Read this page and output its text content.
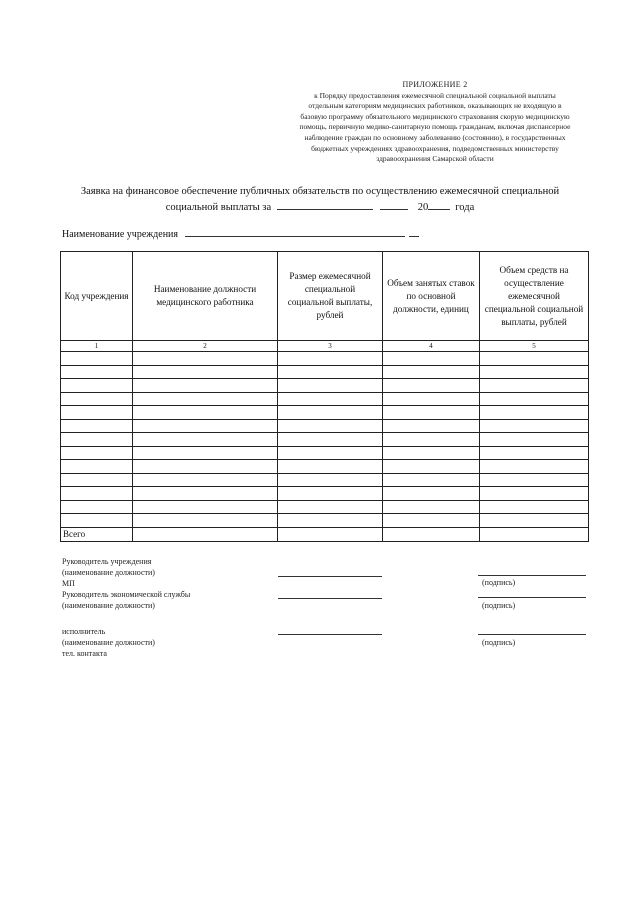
ПРИЛОЖЕНИЕ 2
к Порядку предоставления ежемесячной специальной социальной выплаты
отдельным категориям медицинских работников, оказывающих не входящую в
базовую программу обязательного медицинского страхования скорую медицинскую
помощь, первичную медико-санитарную помощь гражданам, включая диспансерное
наблюдение граждан по основному заболеванию (состоянию), в государственных
бюджетных учреждениях здравоохранения, подведомственных министерству
здравоохранения Самарской области
Заявка на финансовое обеспечение публичных обязательств по осуществлению ежемесячной специальной
социальной выплаты за	20	года
Наименование учреждения
Код учреждения	Наименование должности медицинского работника	Размер ежемесячной специальной социальной выплаты, рублей	Объем занятых ставок по основной должности, единиц	Объем средств на осуществление ежемесячной специальной социальной выплаты, рублей
1	2	3	4	5

Всего				
Руководитель учреждения
(наименование должности)
МП
Руководитель экономической службы
(наименование должности)
исполнитель
(наименование должности)
тел. контакта
(подпись)
(подпись)
(подпись)
